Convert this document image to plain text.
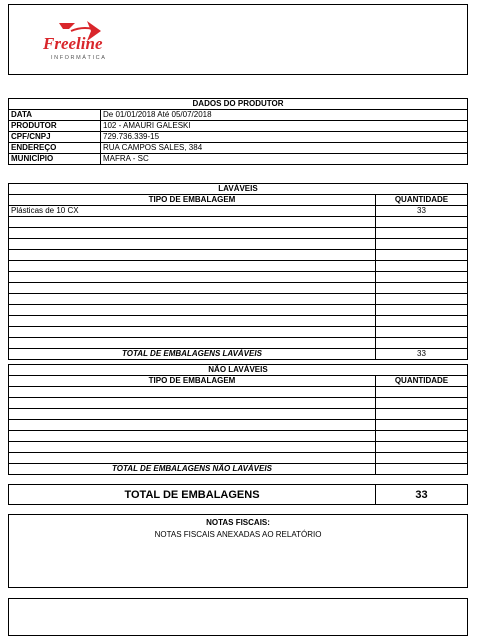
Freeline
INFORMÁTICA
DADOS DO PRODUTOR	
DATA	De 01/01/2018 Até 05/07/2018
PRODUTOR	102 - AMAURI GALESKI
CPF/CNPJ	729.736.339-15
ENDEREÇO	RUA CAMPOS SALES, 384
MUNICÍPIO	MAFRA - SC
LAVÁVEIS	
TIPO DE EMBALAGEM	QUANTIDADE
Plásticas de 10 CX	33

TOTAL DE EMBALAGENS LAVÁVEIS	33
NÃO LAVÁVEIS	
TIPO DE EMBALAGEM	QUANTIDADE

TOTAL DE EMBALAGENS NÃO LAVÁVEIS	
TOTAL DE EMBALAGENS	33
NOTAS FISCAIS:
NOTAS FISCAIS ANEXADAS AO RELATÓRIO
